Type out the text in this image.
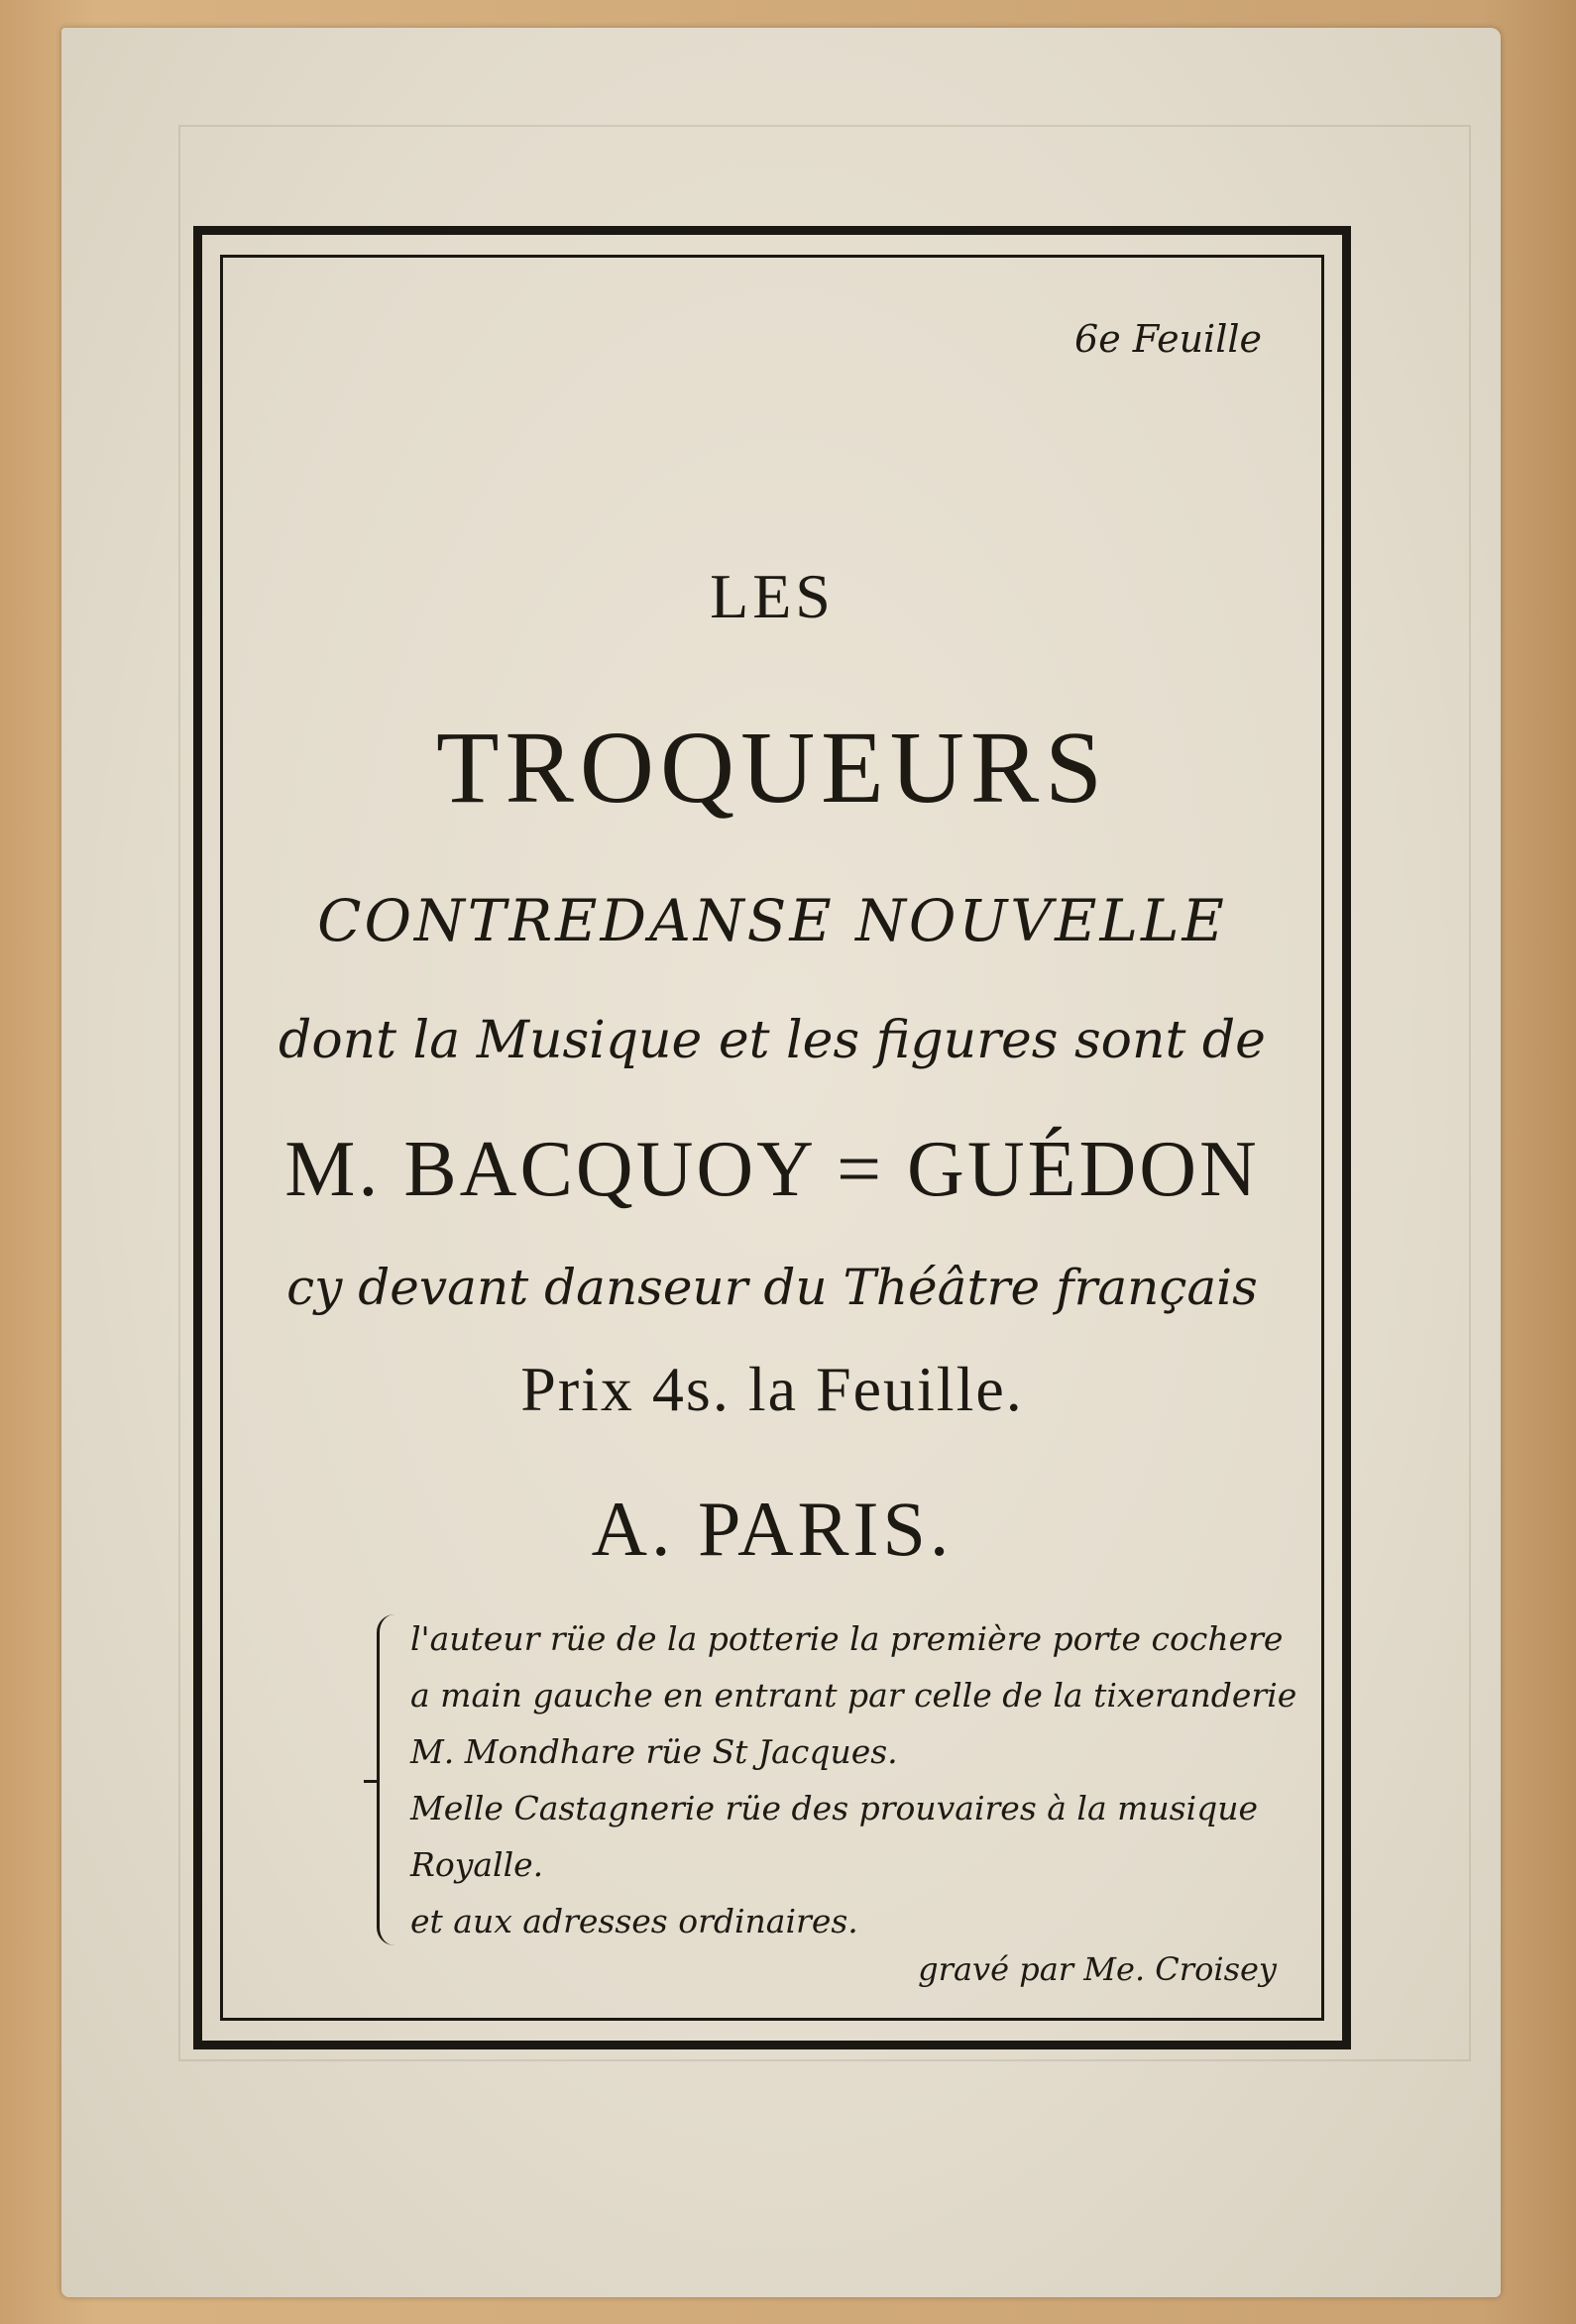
6e Feuille
LES
TROQUEURS
CONTREDANSE NOUVELLE
dont la Musique et les figures sont de
M. BACQUOY = GUÉDON
cy devant danseur du Théâtre français
Prix 4s. la Feuille.
A. PARIS.
l'auteur rüe de la potterie la première porte cochere
a main gauche en entrant par celle de la tixeranderie
M. Mondhare rüe St Jacques.
Melle Castagnerie rüe des prouvaires à la musique
Royalle.
et aux adresses ordinaires.
gravé par Me. Croisey
